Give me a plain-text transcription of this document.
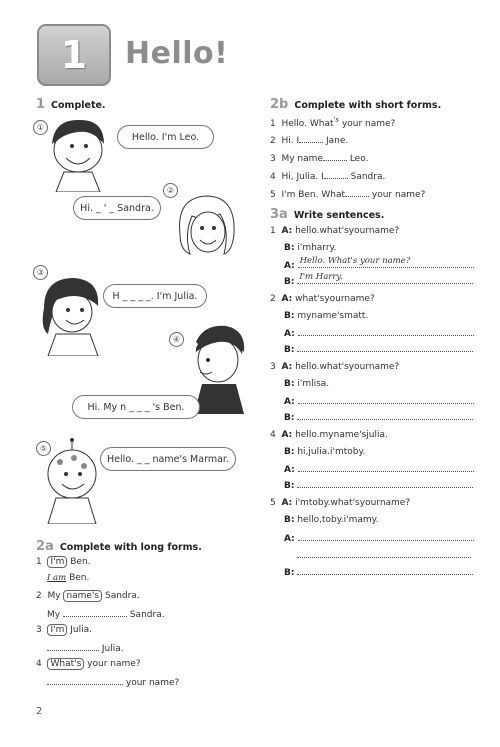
1	Hello!
1 Complete.
①
Hello. I'm Leo.
②
Hi. _ ' _ Sandra.
③
H _ _ _ _. I'm Julia.
④
Hi. My n _ _ _ 's Ben.
⑤
Hello. _ _ name's Marmar.
2a Complete with long forms.
1 I'm Ben.
I am Ben.
2 My name's Sandra.
My	Sandra.
3 I'm Julia.
Julia.
4 What's your name?
your name?
2
2b Complete with short forms.
1 Hello. What$^{'s}$ your name?
2 Hi. I	Jane.
3 My name	Leo.
4 Hi, Julia. I	Sandra.
5 I'm Ben. What	your name?
3a Write sentences.
1 A: hello.what'syourname?
B: i'mharry.
A: Hello. What's your name?
B: I'm Harry.
2 A: what'syourname?
B: myname'smatt.
A:
B:
3 A: hello.what'syourname?
B: i'mlisa.
A:
B:
4 A: hello.myname'sjulia.
B: hi,julia.i'mtoby.
A:
B:
5 A: i'mtoby.what'syourname?
B: hello,toby.i'mamy.
A:
B:
